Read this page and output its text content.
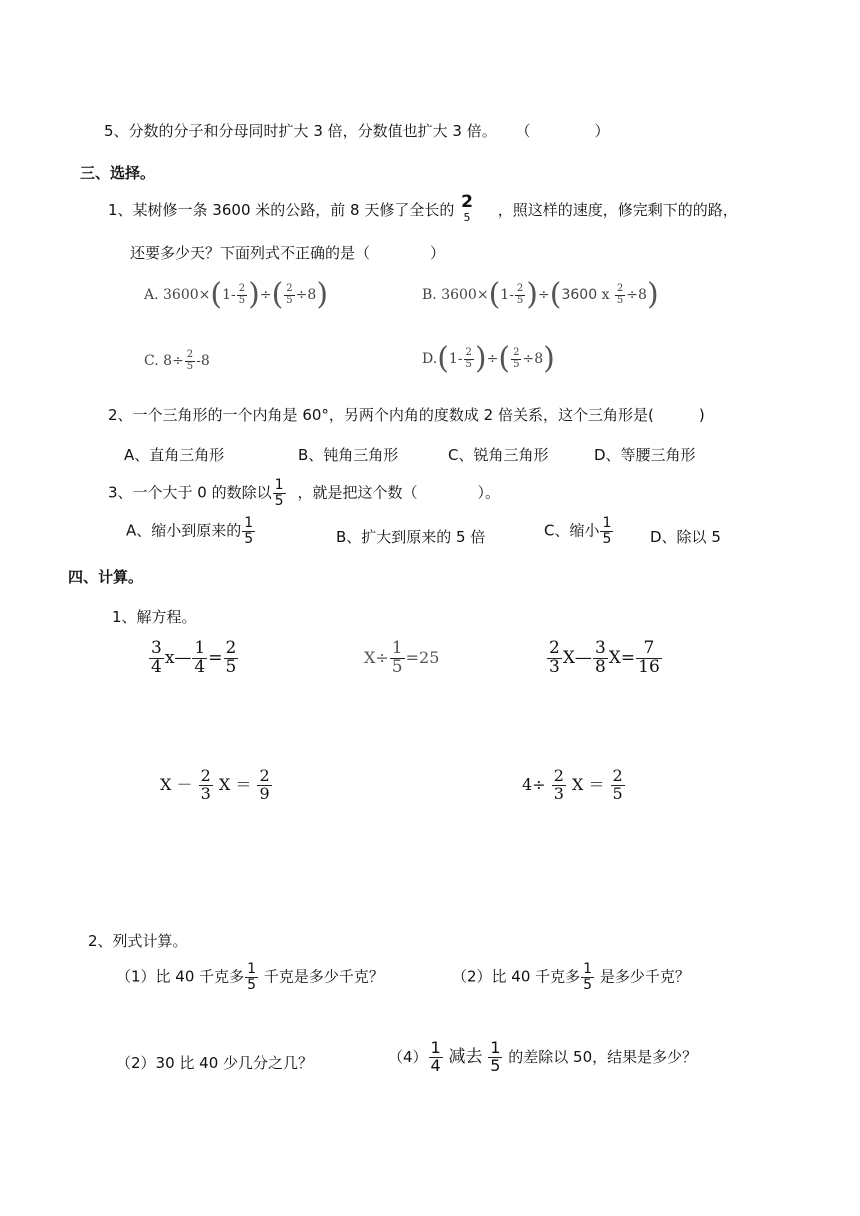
5、分数的分子和分母同时扩大 3 倍，分数值也扩大 3 倍。 （	）
三、选择。
1、某树修一条 3600 米的公路，前 8 天修了全长的 2
5 ，照这样的速度，修完剩下的的路，
还要多少天？下面列式不正确的是（　　　　）
A. $3600\times(1- \frac{2}{5}$ )÷( $\frac{2}{5} \div 8$)	B. $3600\times(1- \frac{2}{5} )\div(3600$ x $\frac{2}{5} \div 8$)
C. $8\div \frac{2}{5} -8$	$D.(1- \frac{2}{5}$ )÷( $\frac{2}{5} \div 8$)
2、一个三角形的一个内角是 60°，另两个内角的度数成 2 倍关系，这个三角形是(　　　)
A、直角三角形	B、钝角三角形	C、锐角三角形	D、等腰三角形
3、一个大于 0 的数除以 $\frac{1}{5}$ ，就是把这个数（　　　　）。
A、缩小到原来的 $\frac{1}{5}$	B、扩大到原来的 5 倍	C、缩小 $\frac{1}{5}$ D、除以 5
四、计算。
1、解方程。
$\frac{3}{4}$ x— $\frac{1}{4} = \frac{2}{5}$	$X\div \frac{1}{5} =25$	$\frac{2}{3}$ X— $\frac{3}{8} X= \frac{7}{16}$
$X - \frac{2}{3}$ $X = \frac{2}{9}$	$4\div \frac{2}{3}$ $X = \frac{2}{5}$
2、列式计算。
（1）比 40 千克多 $\frac{1}{5}$ 千克是多少千克？	（2）比 40 千克多 $\frac{1}{5}$ 是多少千克？
（2）30 比 40 少几分之几？	$(4) \frac{1}{4}$ 减去 $\frac{1}{5}$ 的差除以 50，结果是多少？
